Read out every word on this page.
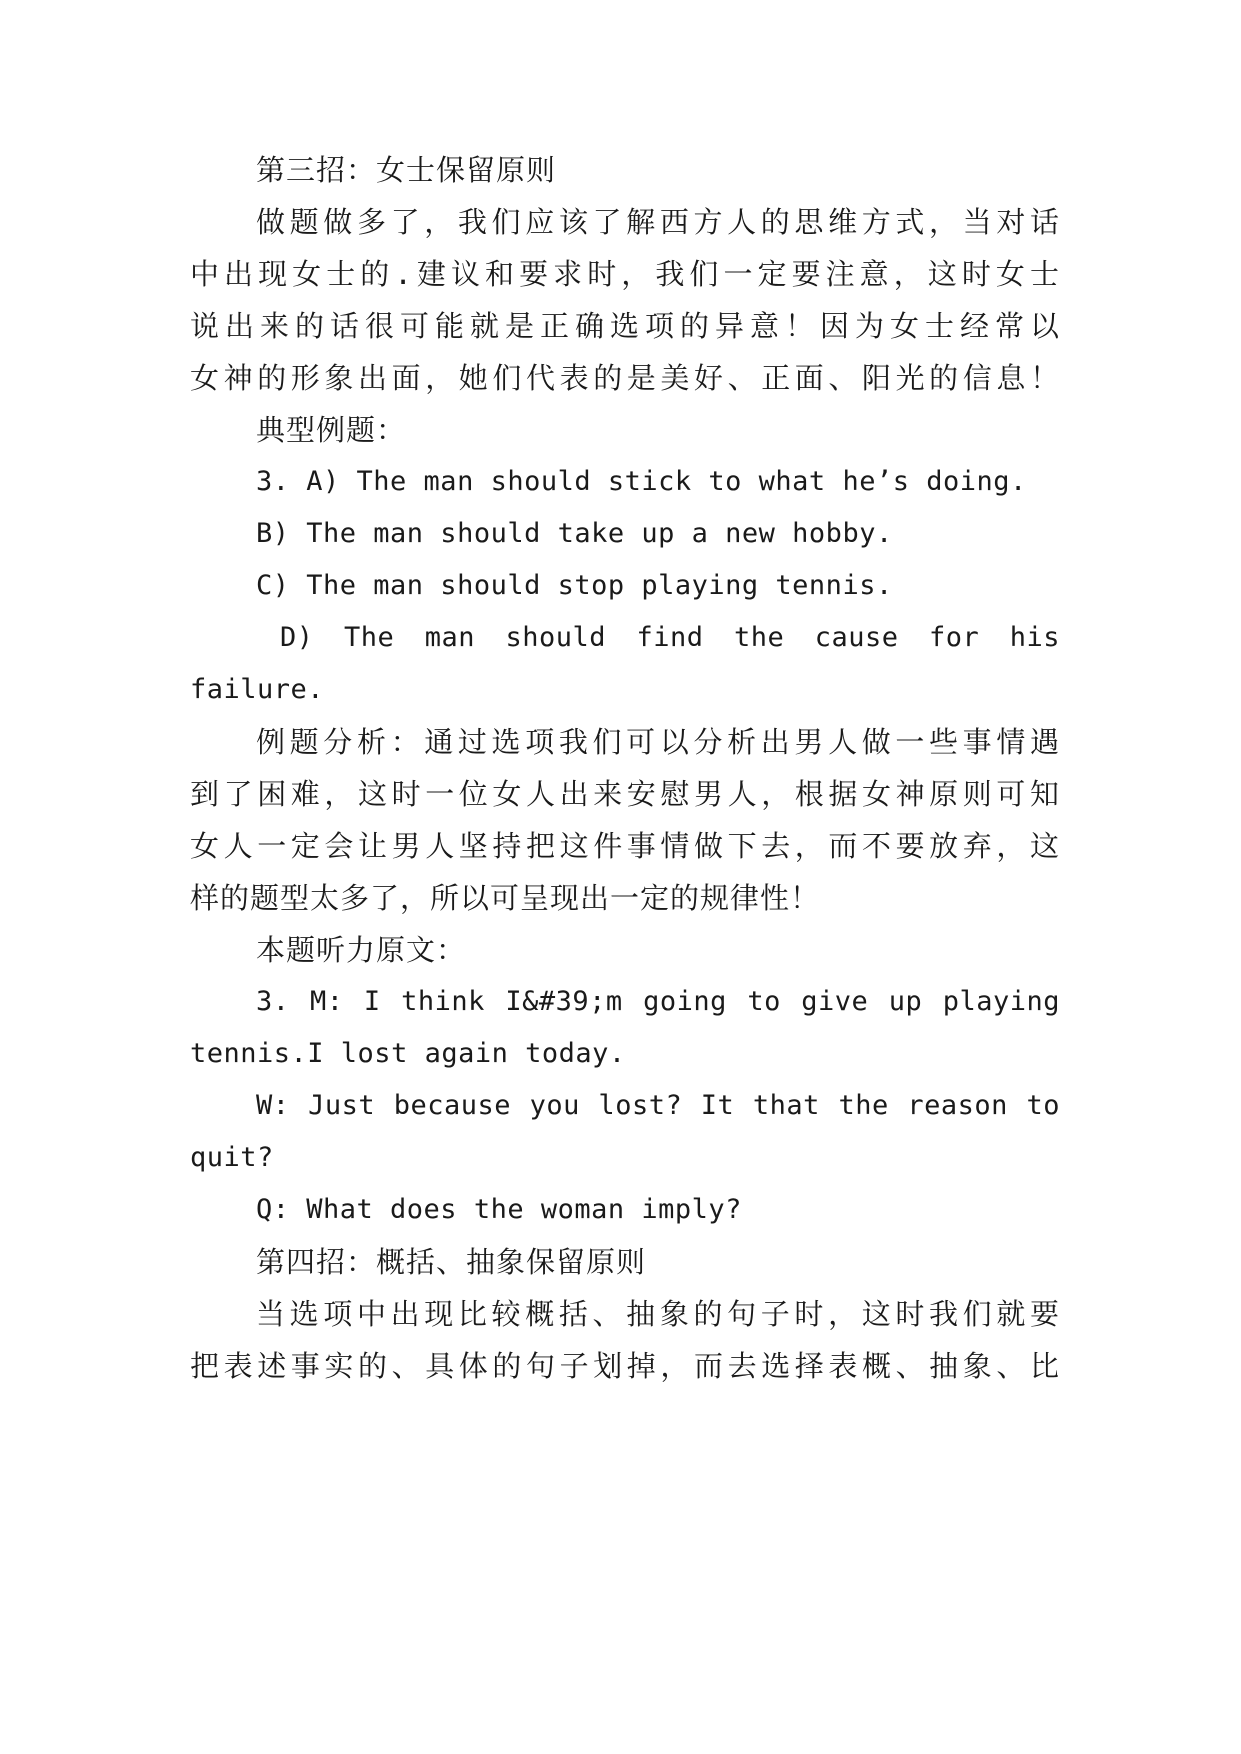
第三招：女士保留原则
做题做多了，我们应该了解西方人的思维方式，当对话
中出现女士的.建议和要求时，我们一定要注意，这时女士
说出来的话很可能就是正确选项的异意！因为女士经常以
女神的形象出面，她们代表的是美好、正面、阳光的信息！
典型例题：
3. A) The man should stick to what he’s doing.
B) The man should take up a new hobby.
C) The man should stop playing tennis.
D) The man should find the cause for his
failure.
例题分析：通过选项我们可以分析出男人做一些事情遇
到了困难，这时一位女人出来安慰男人，根据女神原则可知
女人一定会让男人坚持把这件事情做下去，而不要放弃，这
样的题型太多了，所以可呈现出一定的规律性！
本题听力原文：
3. M: I think I&#39;m going to give up playing
tennis.I lost again today.
W: Just because you lost? It that the reason to
quit?
Q: What does the woman imply?
第四招：概括、抽象保留原则
当选项中出现比较概括、抽象的句子时，这时我们就要
把表述事实的、具体的句子划掉，而去选择表概、抽象、比
